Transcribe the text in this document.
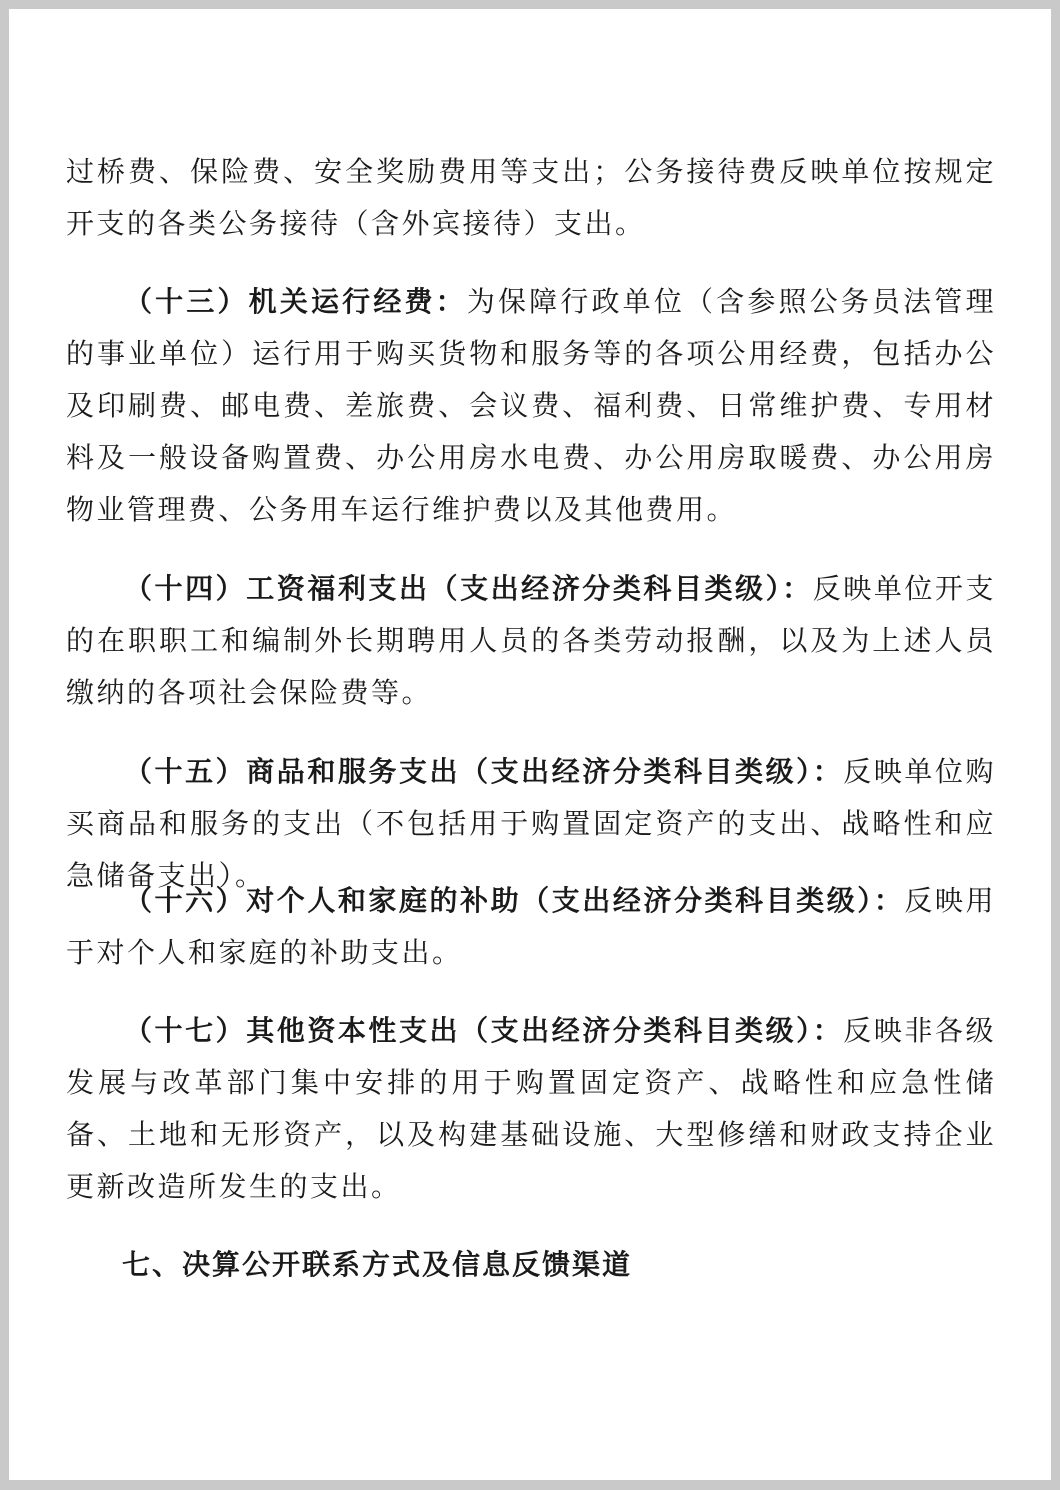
过桥费、保险费、安全奖励费用等支出；公务接待费反映单位按规定开支的各类公务接待（含外宾接待）支出。

（十三）机关运行经费：为保障行政单位（含参照公务员法管理的事业单位）运行用于购买货物和服务等的各项公用经费，包括办公及印刷费、邮电费、差旅费、会议费、福利费、日常维护费、专用材料及一般设备购置费、办公用房水电费、办公用房取暖费、办公用房物业管理费、公务用车运行维护费以及其他费用。

（十四）工资福利支出（支出经济分类科目类级）：反映单位开支的在职职工和编制外长期聘用人员的各类劳动报酬，以及为上述人员缴纳的各项社会保险费等。

（十五）商品和服务支出（支出经济分类科目类级）：反映单位购买商品和服务的支出（不包括用于购置固定资产的支出、战略性和应急储备支出）。

（十六）对个人和家庭的补助（支出经济分类科目类级）：反映用于对个人和家庭的补助支出。

（十七）其他资本性支出（支出经济分类科目类级）：反映非各级发展与改革部门集中安排的用于购置固定资产、战略性和应急性储备、土地和无形资产，以及构建基础设施、大型修缮和财政支持企业更新改造所发生的支出。

七、决算公开联系方式及信息反馈渠道
